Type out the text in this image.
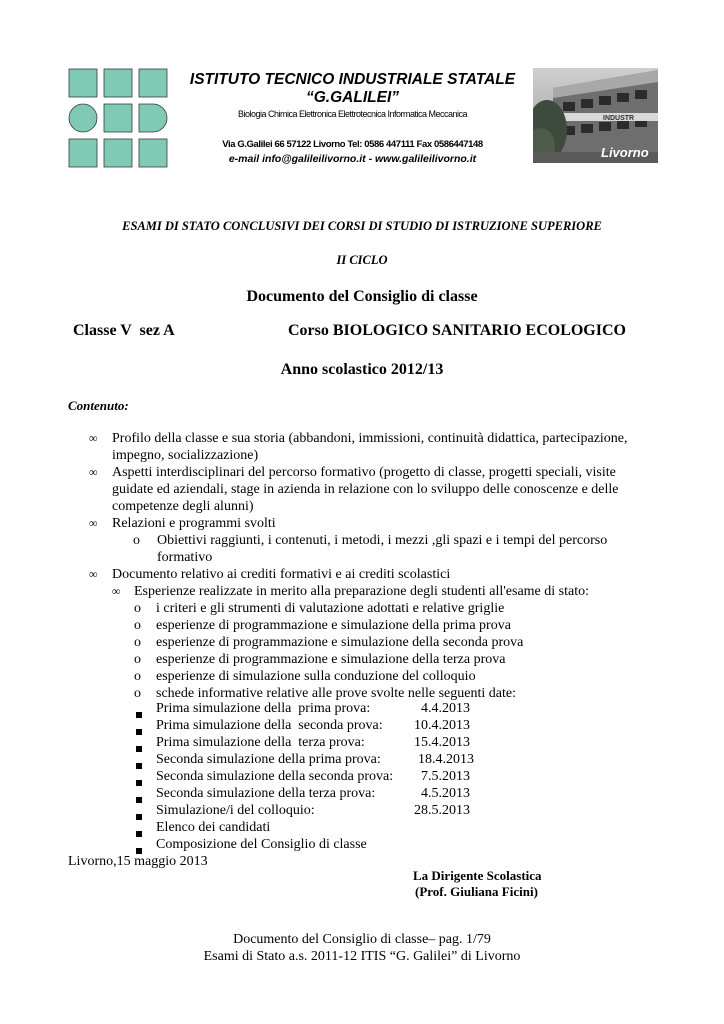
ISTITUTO TECNICO INDUSTRIALE STATALE
“G.GALILEI”
Biologia Chimica Elettronica Elettrotecnica Informatica Meccanica
Via G.Galilei 66 57122 Livorno Tel: 0586 447111 Fax 0586447148
e-mail info@galileilivorno.it - www.galileilivorno.it
INDUSTR
Livorno
ESAMI DI STATO CONCLUSIVI DEI CORSI DI STUDIO DI ISTRUZIONE SUPERIORE
II CICLO
Documento del Consiglio di classe
Classe V  sez A	Corso BIOLOGICO SANITARIO ECOLOGICO
Anno scolastico 2012/13
Contenuto:
∞ Profilo della classe e sua storia (abbandoni, immissioni, continuità didattica, partecipazione,
impegno, socializzazione)
∞ Aspetti interdisciplinari del percorso formativo (progetto di classe, progetti speciali, visite
guidate ed aziendali, stage in azienda in relazione con lo sviluppo delle conoscenze e delle
competenze degli alunni)
∞ Relazioni e programmi svolti
o Obiettivi raggiunti, i contenuti, i metodi, i mezzi ,gli spazi e i tempi del percorso
formativo
∞ Documento relativo ai crediti formativi e ai crediti scolastici
∞ Esperienze realizzate in merito alla preparazione degli studenti all'esame di stato:
o i criteri e gli strumenti di valutazione adottati e relative griglie
o esperienze di programmazione e simulazione della prima prova
o esperienze di programmazione e simulazione della seconda prova
o esperienze di programmazione e simulazione della terza prova
o esperienze di simulazione sulla conduzione del colloquio
o schede informative relative alle prove svolte nelle seguenti date:
Prima simulazione della  prima prova:	4.4.2013
Prima simulazione della  seconda prova: 10.4.2013
Prima simulazione della  terza prova:	15.4.2013
Seconda simulazione della prima prova:	18.4.2013
Seconda simulazione della seconda prova: 7.5.2013
Seconda simulazione della terza prova:	4.5.2013
Simulazione/i del colloquio:	28.5.2013
Elenco dei candidati
Composizione del Consiglio di classe
Livorno,15 maggio 2013
La Dirigente Scolastica
(Prof. Giuliana Ficini)
Documento del Consiglio di classe– pag. 1/79
Esami di Stato a.s. 2011-12 ITIS “G. Galilei” di Livorno
